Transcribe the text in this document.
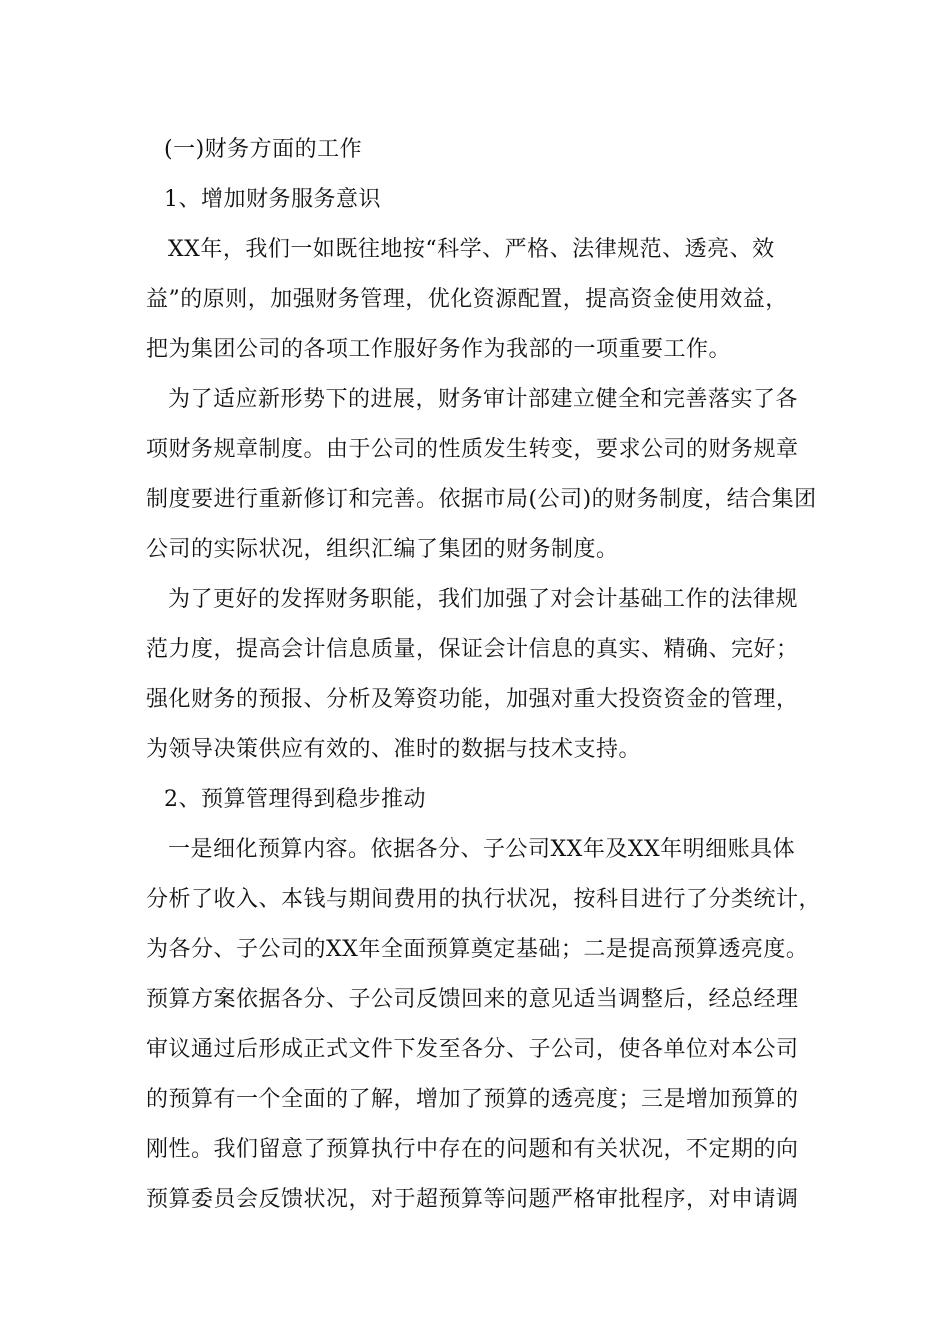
(一)财务方面的工作
1、增加财务服务意识
XX年，我们一如既往地按“科学、严格、法律规范、透亮、效
益”的原则，加强财务管理，优化资源配置，提高资金使用效益，
把为集团公司的各项工作服好务作为我部的一项重要工作。
为了适应新形势下的进展，财务审计部建立健全和完善落实了各
项财务规章制度。由于公司的性质发生转变，要求公司的财务规章
制度要进行重新修订和完善。依据市局(公司)的财务制度，结合集团
公司的实际状况，组织汇编了集团的财务制度。
为了更好的发挥财务职能，我们加强了对会计基础工作的法律规
范力度，提高会计信息质量，保证会计信息的真实、精确、完好；
强化财务的预报、分析及筹资功能，加强对重大投资资金的管理，
为领导决策供应有效的、准时的数据与技术支持。
2、预算管理得到稳步推动
一是细化预算内容。依据各分、子公司XX年及XX年明细账具体
分析了收入、本钱与期间费用的执行状况，按科目进行了分类统计，
为各分、子公司的XX年全面预算奠定基础；二是提高预算透亮度。
预算方案依据各分、子公司反馈回来的意见适当调整后，经总经理
审议通过后形成正式文件下发至各分、子公司，使各单位对本公司
的预算有一个全面的了解，增加了预算的透亮度；三是增加预算的
刚性。我们留意了预算执行中存在的问题和有关状况，不定期的向
预算委员会反馈状况，对于超预算等问题严格审批程序，对申请调
